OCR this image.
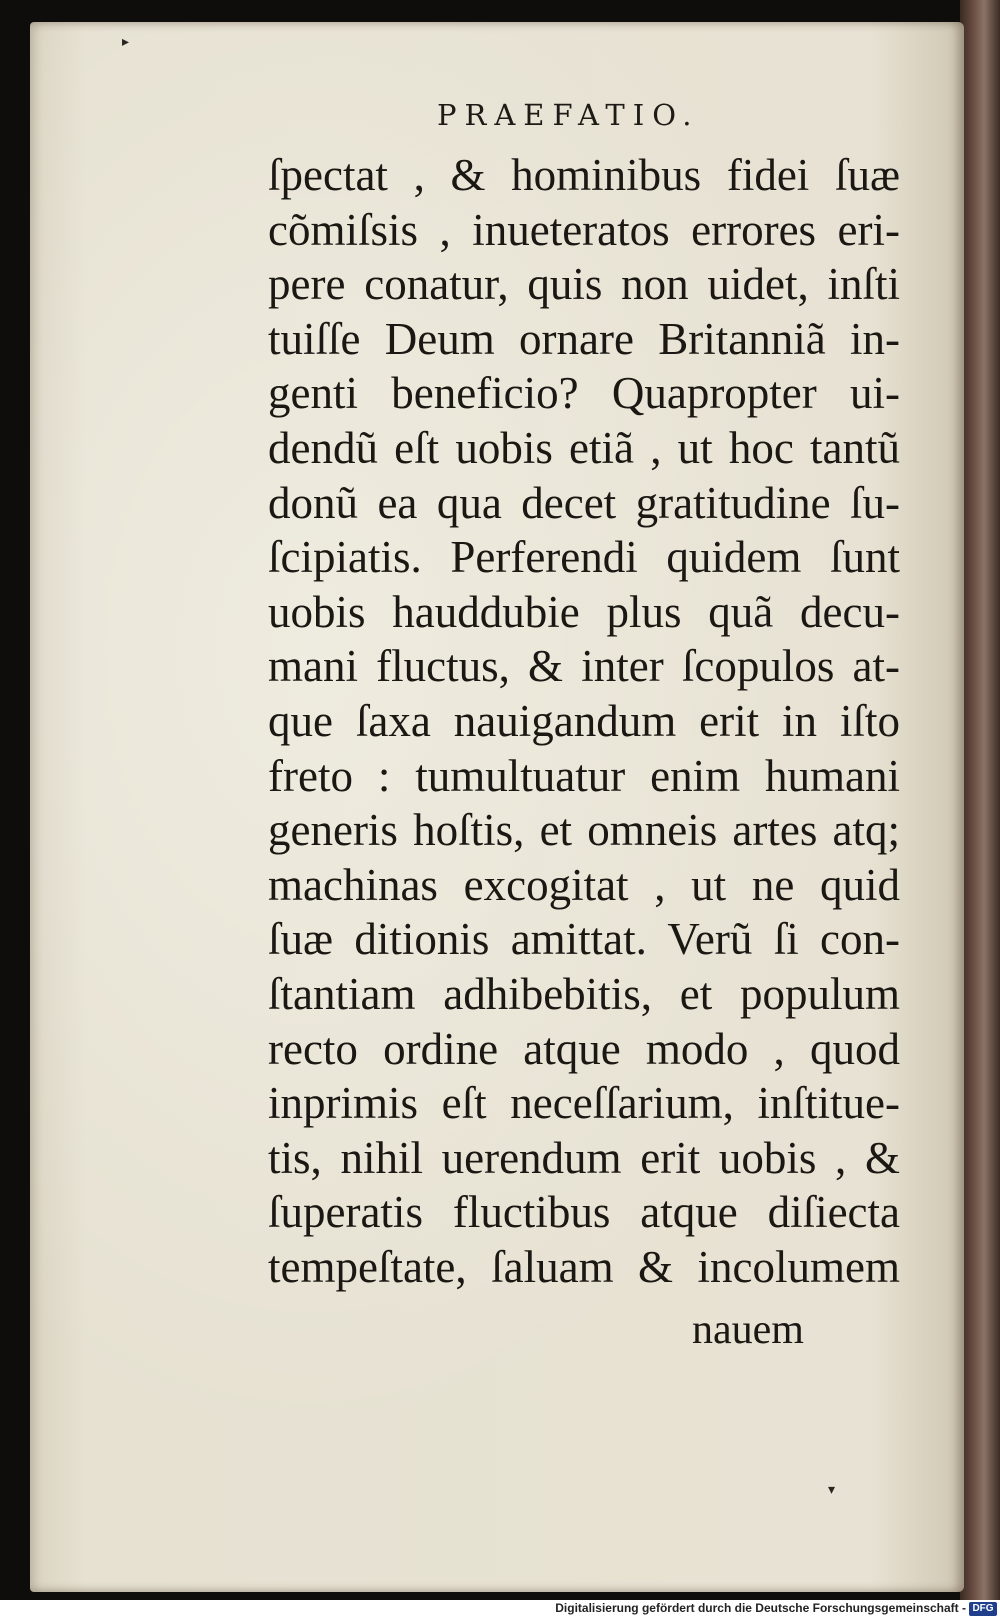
▸
PRAEFATIO.
ſpectat , & hominibus fidei ſuæ
cõmiſsis , inueteratos errores eri-
pere conatur, quis non uidet, inſti
tuiſſe Deum ornare Britanniã in-
genti beneficio? Quapropter ui-
dendũ eſt uobis etiã , ut hoc tantũ
donũ ea qua decet gratitudine ſu-
ſcipiatis. Perferendi quidem ſunt
uobis hauddubie plus quã decu-
mani fluctus, & inter ſcopulos at-
que ſaxa nauigandum erit in iſto
freto : tumultuatur enim humani
generis hoſtis, et omneis artes atq;
machinas excogitat , ut ne quid
ſuæ ditionis amittat. Verũ ſi con-
ſtantiam adhibebitis, et populum
recto ordine atque modo , quod
inprimis eſt neceſſarium, inſtitue-
tis, nihil uerendum erit uobis , &
ſuperatis fluctibus atque diſiecta
tempeſtate, ſaluam & incolumem
nauem
▾
Digitalisierung gefördert durch die Deutsche Forschungsgemeinschaft - DFG
